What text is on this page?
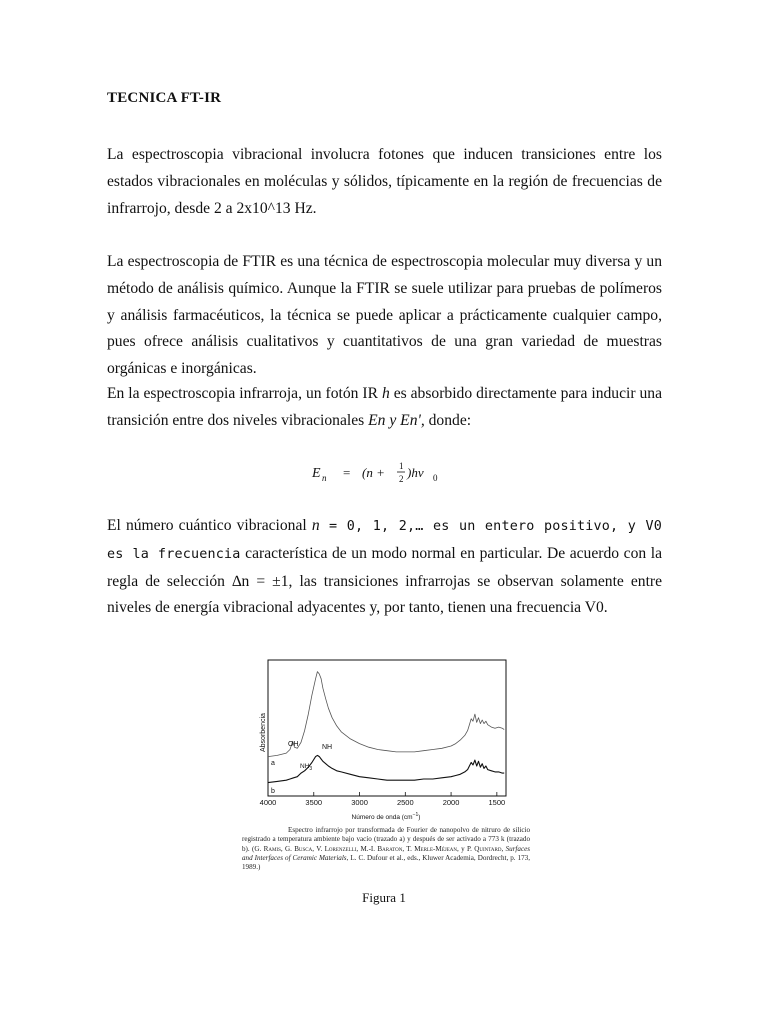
TECNICA FT-IR

La espectroscopia vibracional involucra fotones que inducen transiciones entre los estados vibracionales en moléculas y sólidos, típicamente en la región de frecuencias de infrarrojo, desde 2 a 2x10^13 Hz.

La espectroscopia de FTIR es una técnica de espectroscopia molecular muy diversa y un método de análisis químico. Aunque la FTIR se suele utilizar para pruebas de polímeros y análisis farmacéuticos, la técnica se puede aplicar a prácticamente cualquier campo, pues ofrece análisis cualitativos y cuantitativos de una gran variedad de muestras orgánicas e inorgánicas.

En la espectroscopia infrarroja, un fotón IR h es absorbido directamente para inducir una transición entre dos niveles vibracionales En y En', donde:

E n = (n + 1
2 )hv 0

El número cuántico vibracional n = 0, 1, 2,… es un entero positivo, y V0 es la frecuencia característica de un modo normal en particular. De acuerdo con la regla de selección ∆n = ±1, las transiciones infrarrojas se observan solamente entre niveles de energía vibracional adyacentes y, por tanto, tienen una frecuencia V0.

Absorbencia
4000	3500	3000	2500	2000	1500
Número de onda $(cm^{-1})$
a
b
OH	NH
$NH_3$

Espectro infrarrojo por transformada de Fourier de nanopolvo de nitruro de silicio registrado a temperatura ambiente bajo vacío (trazado a) y después de ser activado a 773 k (trazado b). (G. Ramis, G. Busca, V. Lorenzelli, M.-I. Baraton, T. Merle-Méjean, y P. Quintard, Surfaces and Interfaces of Ceramic Materials, L. C. Dufour et al., eds., Kluwer Academia, Dordrecht, p. 173, 1989.)

Figura 1
